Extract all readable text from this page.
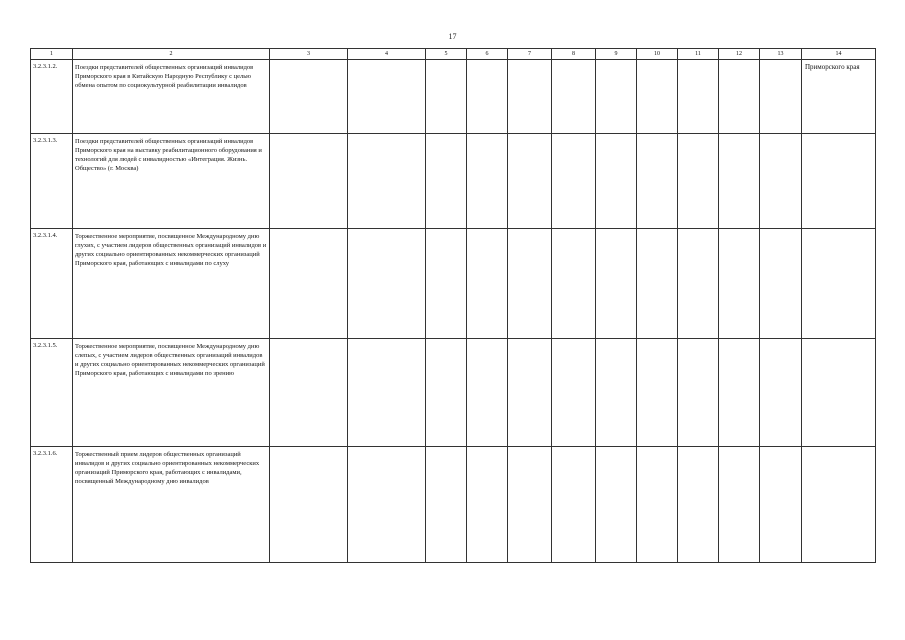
17
1	2	3	4	5	6	7	8	9	10	11	12	13	14
3.2.3.1.2.	Поездки представителей общественных организаций инвалидов Приморского края в Китайскую Народную Республику с целью обмена опытом по социокультурной реабилитации инвалидов												Приморского края
3.2.3.1.3.	Поездки представителей общественных организаций инвалидов Приморского края на выставку реабилитационного оборудования и технологий для людей с инвалидностью «Интеграция. Жизнь. Общество» (г. Москва)												
3.2.3.1.4.	Торжественное мероприятие, посвященное Международному дню глухих, с участием лидеров общественных организаций инвалидов и других социально ориентированных некоммерческих организаций Приморского края, работающих с инвалидами по слуху												
3.2.3.1.5.	Торжественное мероприятие, посвященное Международному дню слепых, с участием лидеров общественных организаций инвалидов и других социально ориентированных некоммерческих организаций Приморского края, работающих с инвалидами по зрению												
3.2.3.1.6.	Торжественный прием лидеров общественных организаций инвалидов и других социально ориентированных некоммерческих организаций Приморского края, работающих с инвалидами, посвященный Международному дню инвалидов												
